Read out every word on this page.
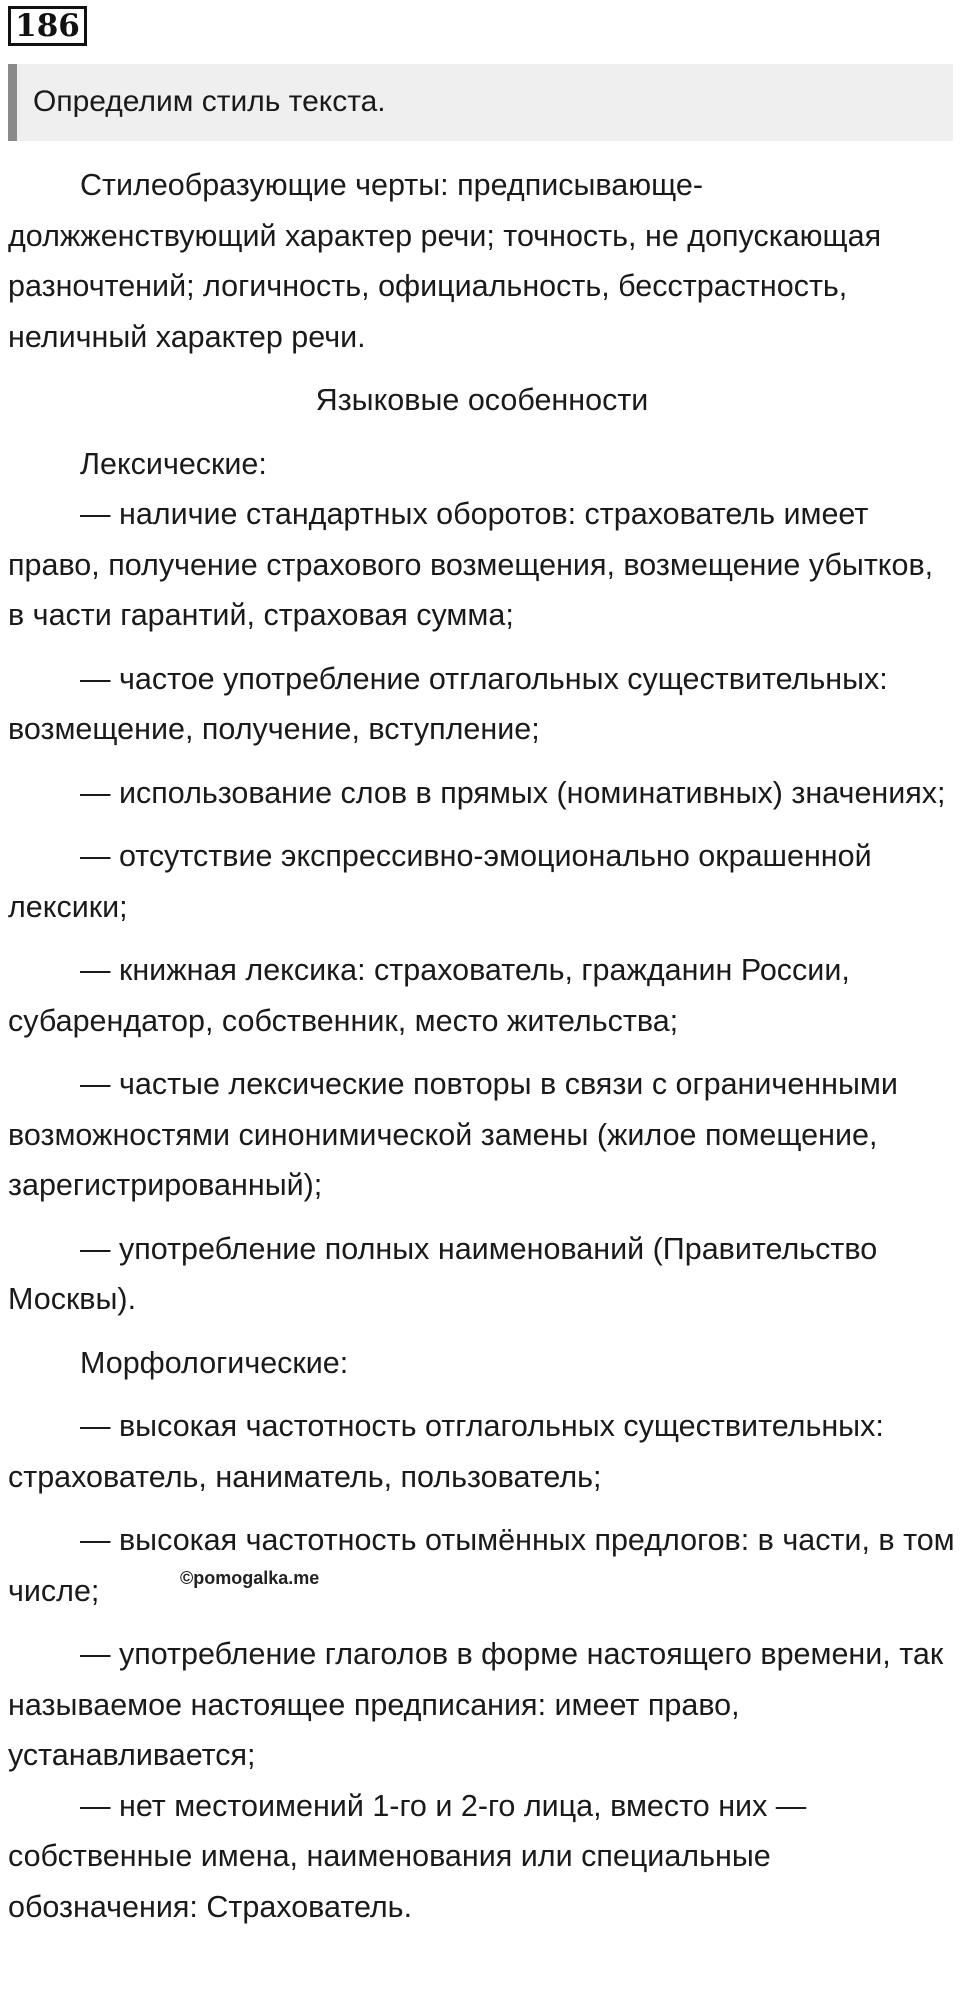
186
Определим стиль текста.

Стилеобразующие черты: предписывающе-должженствующий характер речи; точность, не допускающая разночтений; логичность, официальность, бесстрастность, неличный характер речи.

Языковые особенности

Лексические:

— наличие стандартных оборотов: страхователь имеет право, получение страхового возмещения, возмещение убытков, в части гарантий, страховая сумма;

— частое употребление отглагольных существительных: возмещение, получение, вступление;

— использование слов в прямых (номинативных) значениях;

— отсутствие экспрессивно-эмоционально окрашенной лексики;

— книжная лексика: страхователь, гражданин России, субарендатор, собственник, место жительства;

— частые лексические повторы в связи с ограниченными возможностями синонимической замены (жилое помещение, зарегистрированный);

— употребление полных наименований (Правительство Москвы).

Морфологические:

— высокая частотность отглагольных существительных: страхователь, наниматель, пользователь;

— высокая частотность отымённых предлогов: в части, в том числе;

— употребление глаголов в форме настоящего времени, так называемое настоящее предписания: имеет право, устанавливается;

— нет местоимений 1-го и 2-го лица, вместо них — собственные имена, наименования или специальные обозначения: Страхователь.

©pomogalka.me
